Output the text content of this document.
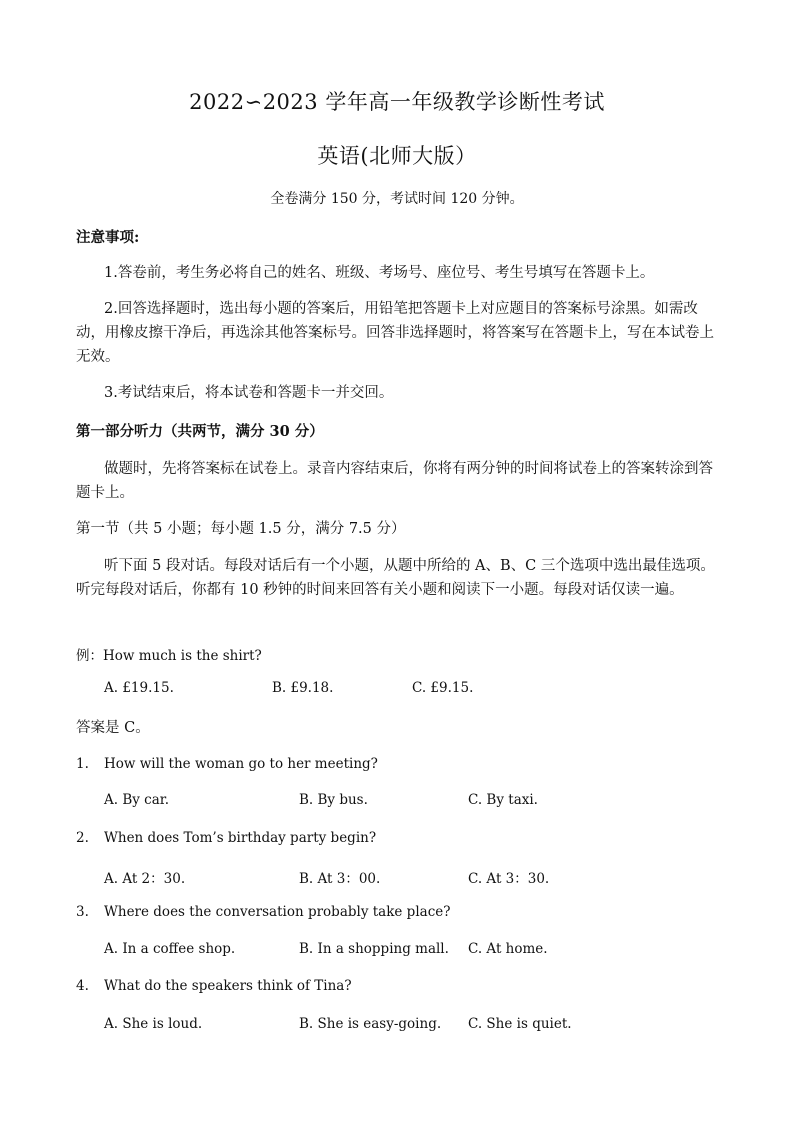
2022∽2023 学年高一年级教学诊断性考试
英语(北师大版）
全卷满分 150 分，考试时间 120 分钟。
注意事项:
1.答卷前，考生务必将自己的姓名、班级、考场号、座位号、考生号填写在答题卡上。
2.回答选择题时，选出每小题的答案后，用铅笔把答题卡上对应题目的答案标号涂黑。如需改动，用橡皮擦干净后，再选涂其他答案标号。回答非选择题时，将答案写在答题卡上，写在本试卷上无效。
3.考试结束后，将本试卷和答题卡一并交回。
第一部分听力（共两节，满分 30 分）
做题时，先将答案标在试卷上。录音内容结束后，你将有两分钟的时间将试卷上的答案转涂到答题卡上。
第一节（共 5 小题；每小题 1.5 分，满分 7.5 分）
听下面 5 段对话。每段对话后有一个小题，从题中所给的 A、B、C 三个选项中选出最佳选项。 听完每段对话后，你都有 10 秒钟的时间来回答有关小题和阅读下一小题。每段对话仅读一遍。
例：How much is the shirt?
A. £19.15.	B. £9.18.	C. £9.15.
答案是 C。
1. How will the woman go to her meeting?
A. By car.	B. By bus.	C. By taxi.
2. When does Tom’s birthday party begin?
A. At 2：30.	B. At 3：00.	C. At 3：30.
3. Where does the conversation probably take place?
A. In a coffee shop.	B. In a shopping mall. C. At home.
4. What do the speakers think of Tina?
A. She is loud.	B. She is easy-going. C. She is quiet.
